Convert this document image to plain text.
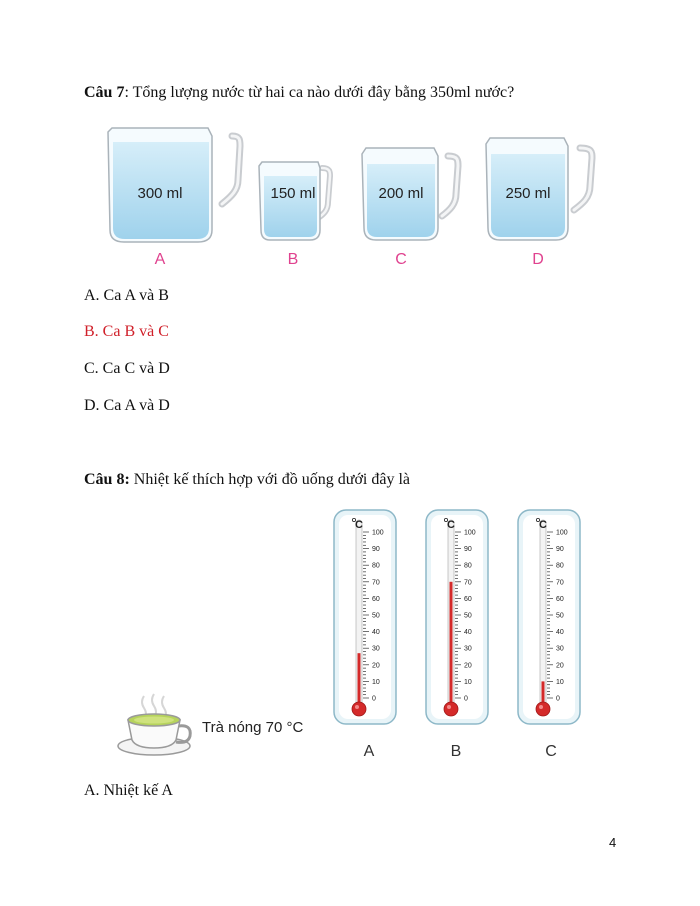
Câu 7: Tổng lượng nước từ hai ca nào dưới đây bằng 350ml nước?
300 ml
A
150 ml
B
200 ml
C
250 ml
D
A. Ca A và B
B. Ca B và C
C. Ca C và D
D. Ca A và D
Câu 8: Nhiệt kế thích hợp với đồ uống dưới đây là
Trà nóng 70 °C
C
100
90
80
70
60
50
40
30
20
10
0
A
C
100
90
80
70
60
50
40
30
20
10
0
B
C
100
90
80
70
60
50
40
30
20
10
0
C
A. Nhiệt kế A
4
